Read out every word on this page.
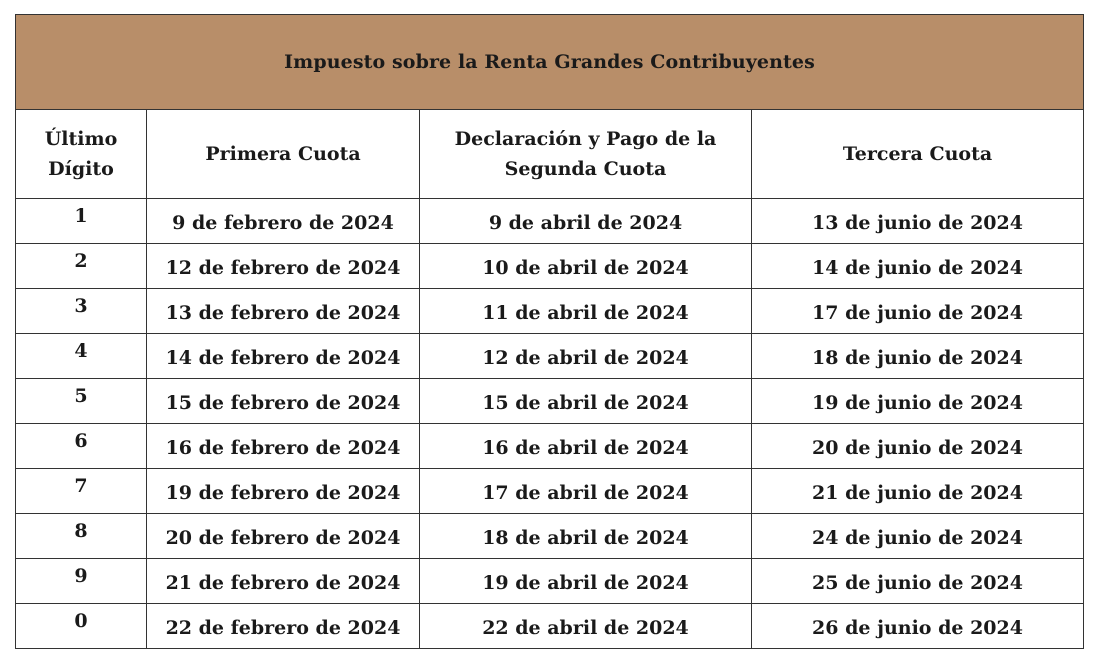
Impuesto sobre la Renta Grandes Contribuyentes			
Último Dígito	Primera Cuota	Declaración y Pago de la Segunda Cuota	Tercera Cuota
1	9 de febrero de 2024	9 de abril de 2024	13 de junio de 2024
2	12 de febrero de 2024	10 de abril de 2024	14 de junio de 2024
3	13 de febrero de 2024	11 de abril de 2024	17 de junio de 2024
4	14 de febrero de 2024	12 de abril de 2024	18 de junio de 2024
5	15 de febrero de 2024	15 de abril de 2024	19 de junio de 2024
6	16 de febrero de 2024	16 de abril de 2024	20 de junio de 2024
7	19 de febrero de 2024	17 de abril de 2024	21 de junio de 2024
8	20 de febrero de 2024	18 de abril de 2024	24 de junio de 2024
9	21 de febrero de 2024	19 de abril de 2024	25 de junio de 2024
0	22 de febrero de 2024	22 de abril de 2024	26 de junio de 2024
